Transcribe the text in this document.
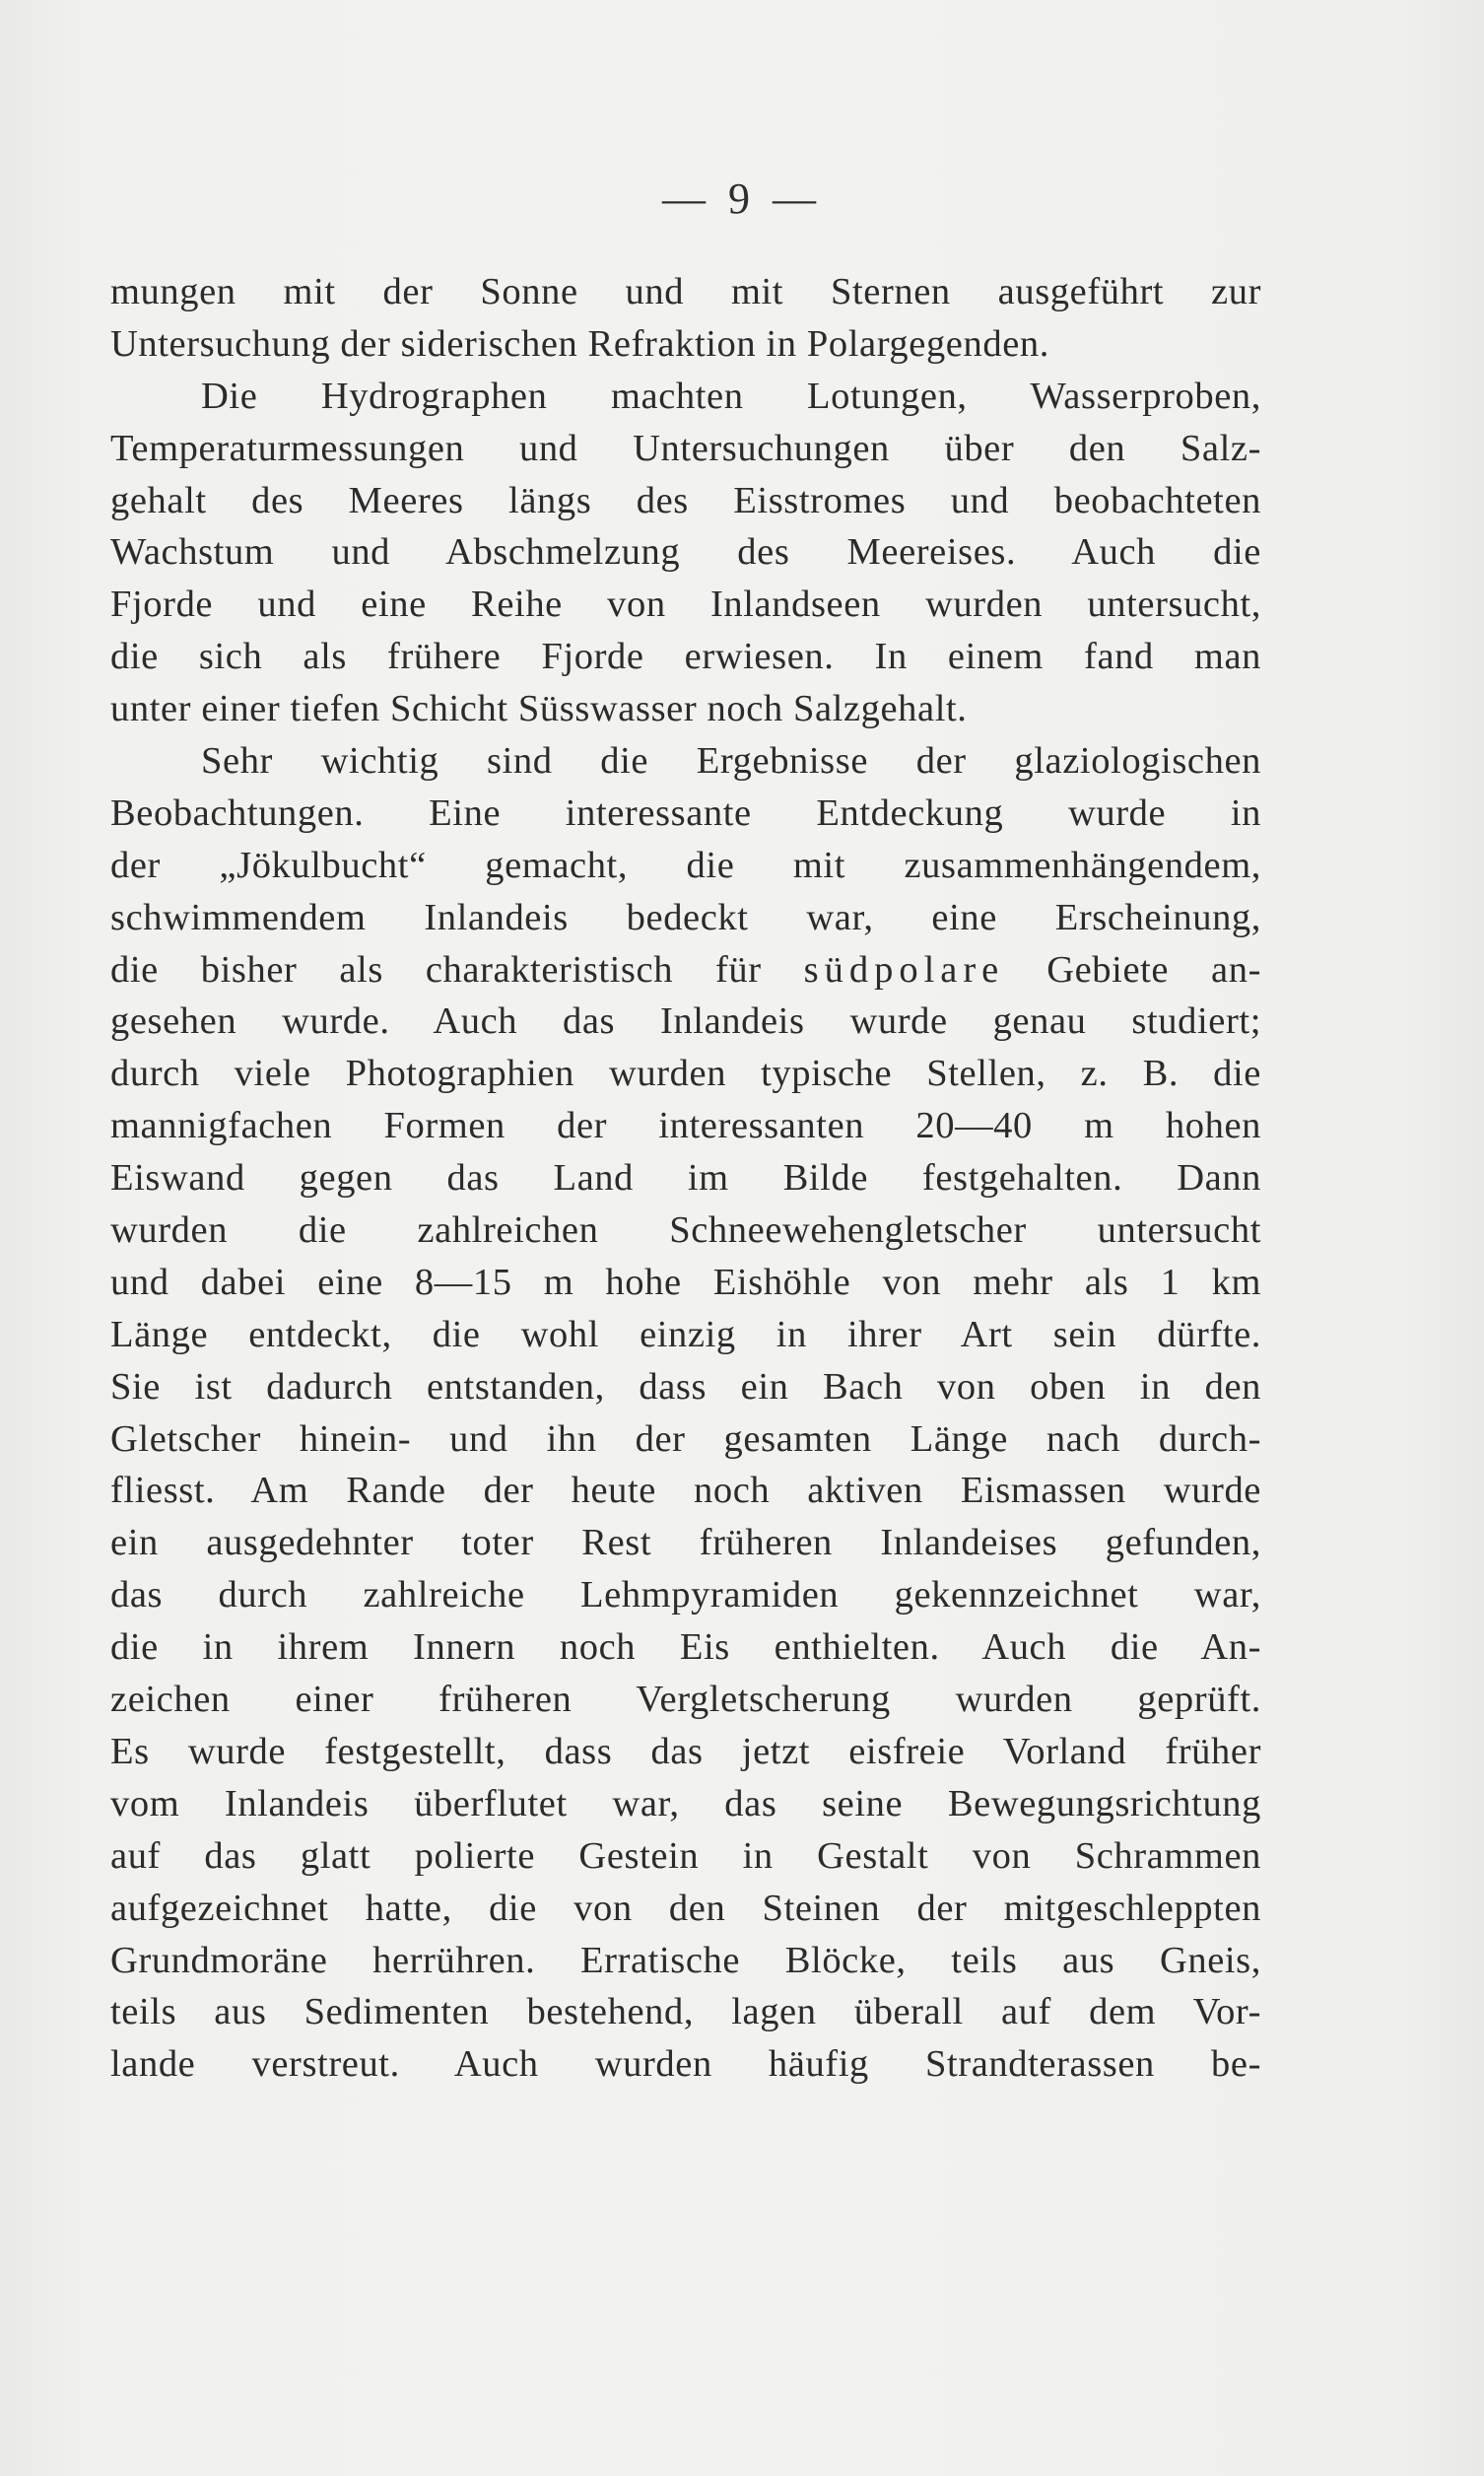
— 9 —
mungen mit der Sonne und mit Sternen ausgeführt zur
Untersuchung der siderischen Refraktion in Polargegenden.
Die Hydrographen machten Lotungen, Wasserproben,
Temperaturmessungen und Untersuchungen über den Salz-
gehalt des Meeres längs des Eisstromes und beobachteten
Wachstum und Abschmelzung des Meereises. Auch die
Fjorde und eine Reihe von Inlandseen wurden untersucht,
die sich als frühere Fjorde erwiesen. In einem fand man
unter einer tiefen Schicht Süsswasser noch Salzgehalt.
Sehr wichtig sind die Ergebnisse der glaziologischen
Beobachtungen. Eine interessante Entdeckung wurde in
der „Jökulbucht“ gemacht, die mit zusammenhängendem,
schwimmendem Inlandeis bedeckt war, eine Erscheinung,
die bisher als charakteristisch für südpolare Gebiete an-
gesehen wurde. Auch das Inlandeis wurde genau studiert;
durch viele Photographien wurden typische Stellen, z. B. die
mannigfachen Formen der interessanten 20—40 m hohen
Eiswand gegen das Land im Bilde festgehalten. Dann
wurden die zahlreichen Schneewehengletscher untersucht
und dabei eine 8—15 m hohe Eishöhle von mehr als 1 km
Länge entdeckt, die wohl einzig in ihrer Art sein dürfte.
Sie ist dadurch entstanden, dass ein Bach von oben in den
Gletscher hinein- und ihn der gesamten Länge nach durch-
fliesst. Am Rande der heute noch aktiven Eismassen wurde
ein ausgedehnter toter Rest früheren Inlandeises gefunden,
das durch zahlreiche Lehmpyramiden gekennzeichnet war,
die in ihrem Innern noch Eis enthielten. Auch die An-
zeichen einer früheren Vergletscherung wurden geprüft.
Es wurde festgestellt, dass das jetzt eisfreie Vorland früher
vom Inlandeis überflutet war, das seine Bewegungsrichtung
auf das glatt polierte Gestein in Gestalt von Schrammen
aufgezeichnet hatte, die von den Steinen der mitgeschleppten
Grundmoräne herrühren. Erratische Blöcke, teils aus Gneis,
teils aus Sedimenten bestehend, lagen überall auf dem Vor-
lande verstreut. Auch wurden häufig Strandterassen be-
